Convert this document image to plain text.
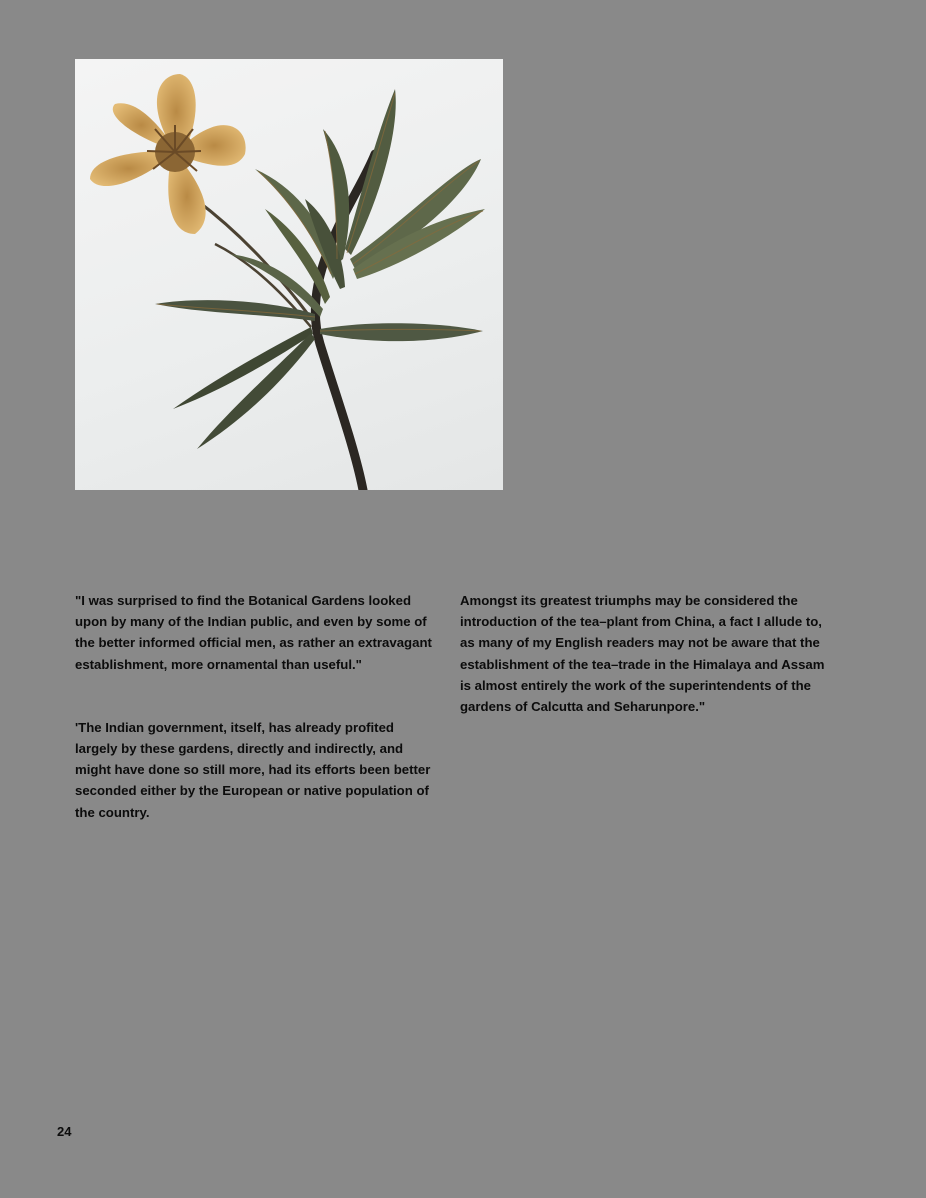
"I was surprised to find the Botanical Gardens looked upon by many of the Indian public, and even by some of the better informed official men, as rather an extravagant establishment, more ornamental than useful."

'The Indian government, itself, has already profited largely by these gardens, directly and indirectly, and might have done so still more, had its efforts been better seconded either by the European or native population of the country.

Amongst its greatest triumphs may be considered the introduction of the tea–plant from China, a fact I allude to, as many of my English readers may not be aware that the establishment of the tea–trade in the Himalaya and Assam is almost entirely the work of the superintendents of the gardens of Calcutta and Seharunpore."

24
